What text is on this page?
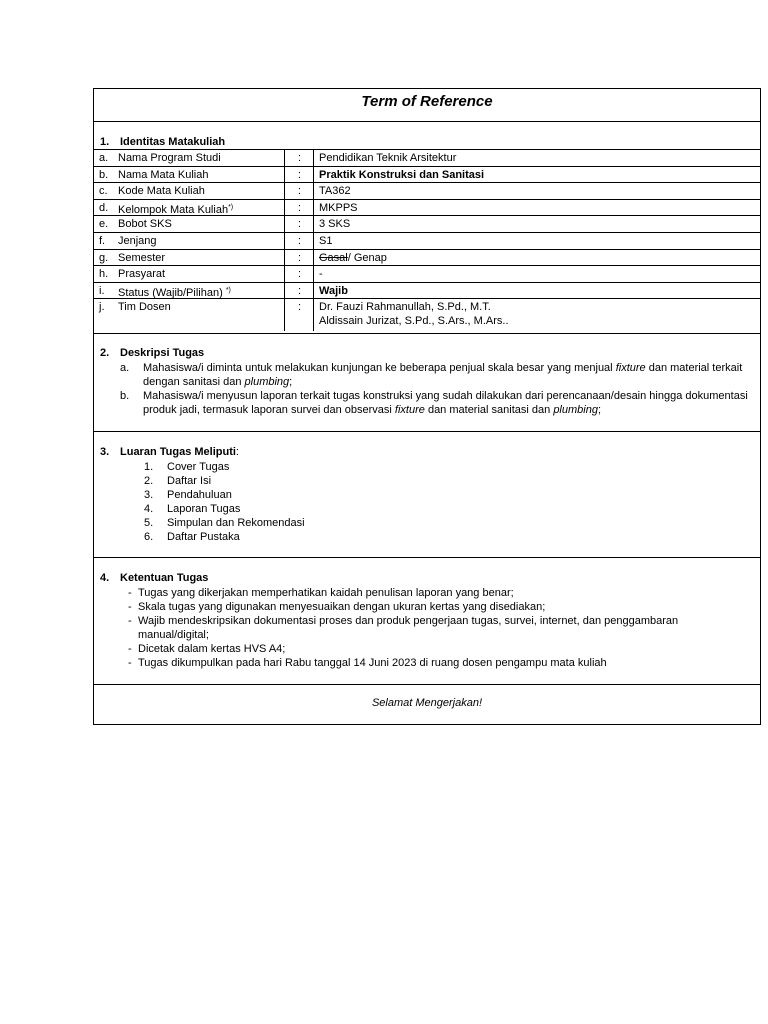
Term of Reference
1. Identitas Matakuliah
a. Nama Program Studi	: Pendidikan Teknik Arsitektur
b. Nama Mata Kuliah	: Praktik Konstruksi dan Sanitasi
c. Kode Mata Kuliah	: TA362
d. Kelompok Mata Kuliah*)	: MKPPS
e. Bobot SKS	: 3 SKS
f. Jenjang	: S1
g. Semester	: Gasal/ Genap
h. Prasyarat	: -
i. Status (Wajib/Pilihan) *)	: Wajib
j. Tim Dosen	: Dr. Fauzi Rahmanullah, S.Pd., M.T.
Aldissain Jurizat, S.Pd., S.Ars., M.Ars..
2. Deskripsi Tugas
a. Mahasiswa/i diminta untuk melakukan kunjungan ke beberapa penjual skala besar yang menjual fixture dan material terkait
dengan sanitasi dan plumbing;
b. Mahasiswa/i menyusun laporan terkait tugas konstruksi yang sudah dilakukan dari perencanaan/desain hingga dokumentasi
produk jadi, termasuk laporan survei dan observasi fixture dan material sanitasi dan plumbing;
3. Luaran Tugas Meliputi:
1. Cover Tugas
2. Daftar Isi
3. Pendahuluan
4. Laporan Tugas
5. Simpulan dan Rekomendasi
6. Daftar Pustaka
4. Ketentuan Tugas
- Tugas yang dikerjakan memperhatikan kaidah penulisan laporan yang benar;
- Skala tugas yang digunakan menyesuaikan dengan ukuran kertas yang disediakan;
- Wajib mendeskripsikan dokumentasi proses dan produk pengerjaan tugas, survei, internet, dan penggambaran
manual/digital;
- Dicetak dalam kertas HVS A4;
- Tugas dikumpulkan pada hari Rabu tanggal 14 Juni 2023 di ruang dosen pengampu mata kuliah
Selamat Mengerjakan!
